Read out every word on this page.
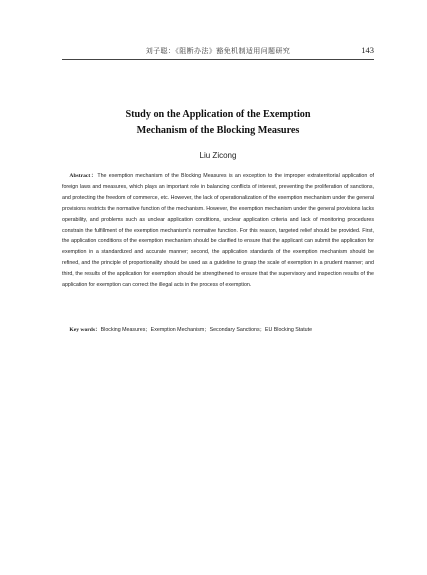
刘子聪：《阻断办法》豁免机制适用问题研究	143
Study on the Application of the Exemption
Mechanism of the Blocking Measures
Liu Zicong

Abstract：The exemption mechanism of the Blocking Measures is an exception to the improper extraterritorial application of foreign laws and measures, which plays an important role in balancing conflicts of interest, preventing the proliferation of sanctions, and protecting the freedom of commerce, etc. However, the lack of operationalization of the exemption mechanism under the general provisions restricts the normative function of the mechanism. However, the exemption mechanism under the general provisions lacks operability, and problems such as unclear application conditions, unclear application criteria and lack of monitoring procedures constrain the fulfillment of the exemption mechanism's normative function. For this reason, targeted relief should be provided. First, the application conditions of the exemption mechanism should be clarified to ensure that the applicant can submit the application for exemption in a standardized and accurate manner; second, the application standards of the exemption mechanism should be refined, and the principle of proportionality should be used as a guideline to grasp the scale of exemption in a prudent manner; and third, the results of the application for exemption should be strengthened to ensure that the supervisory and inspection results of the application for exemption can correct the illegal acts in the process of exemption.

Key words：Blocking Measures；Exemption Mechanism；Secondary Sanctions；EU Blocking Statute
